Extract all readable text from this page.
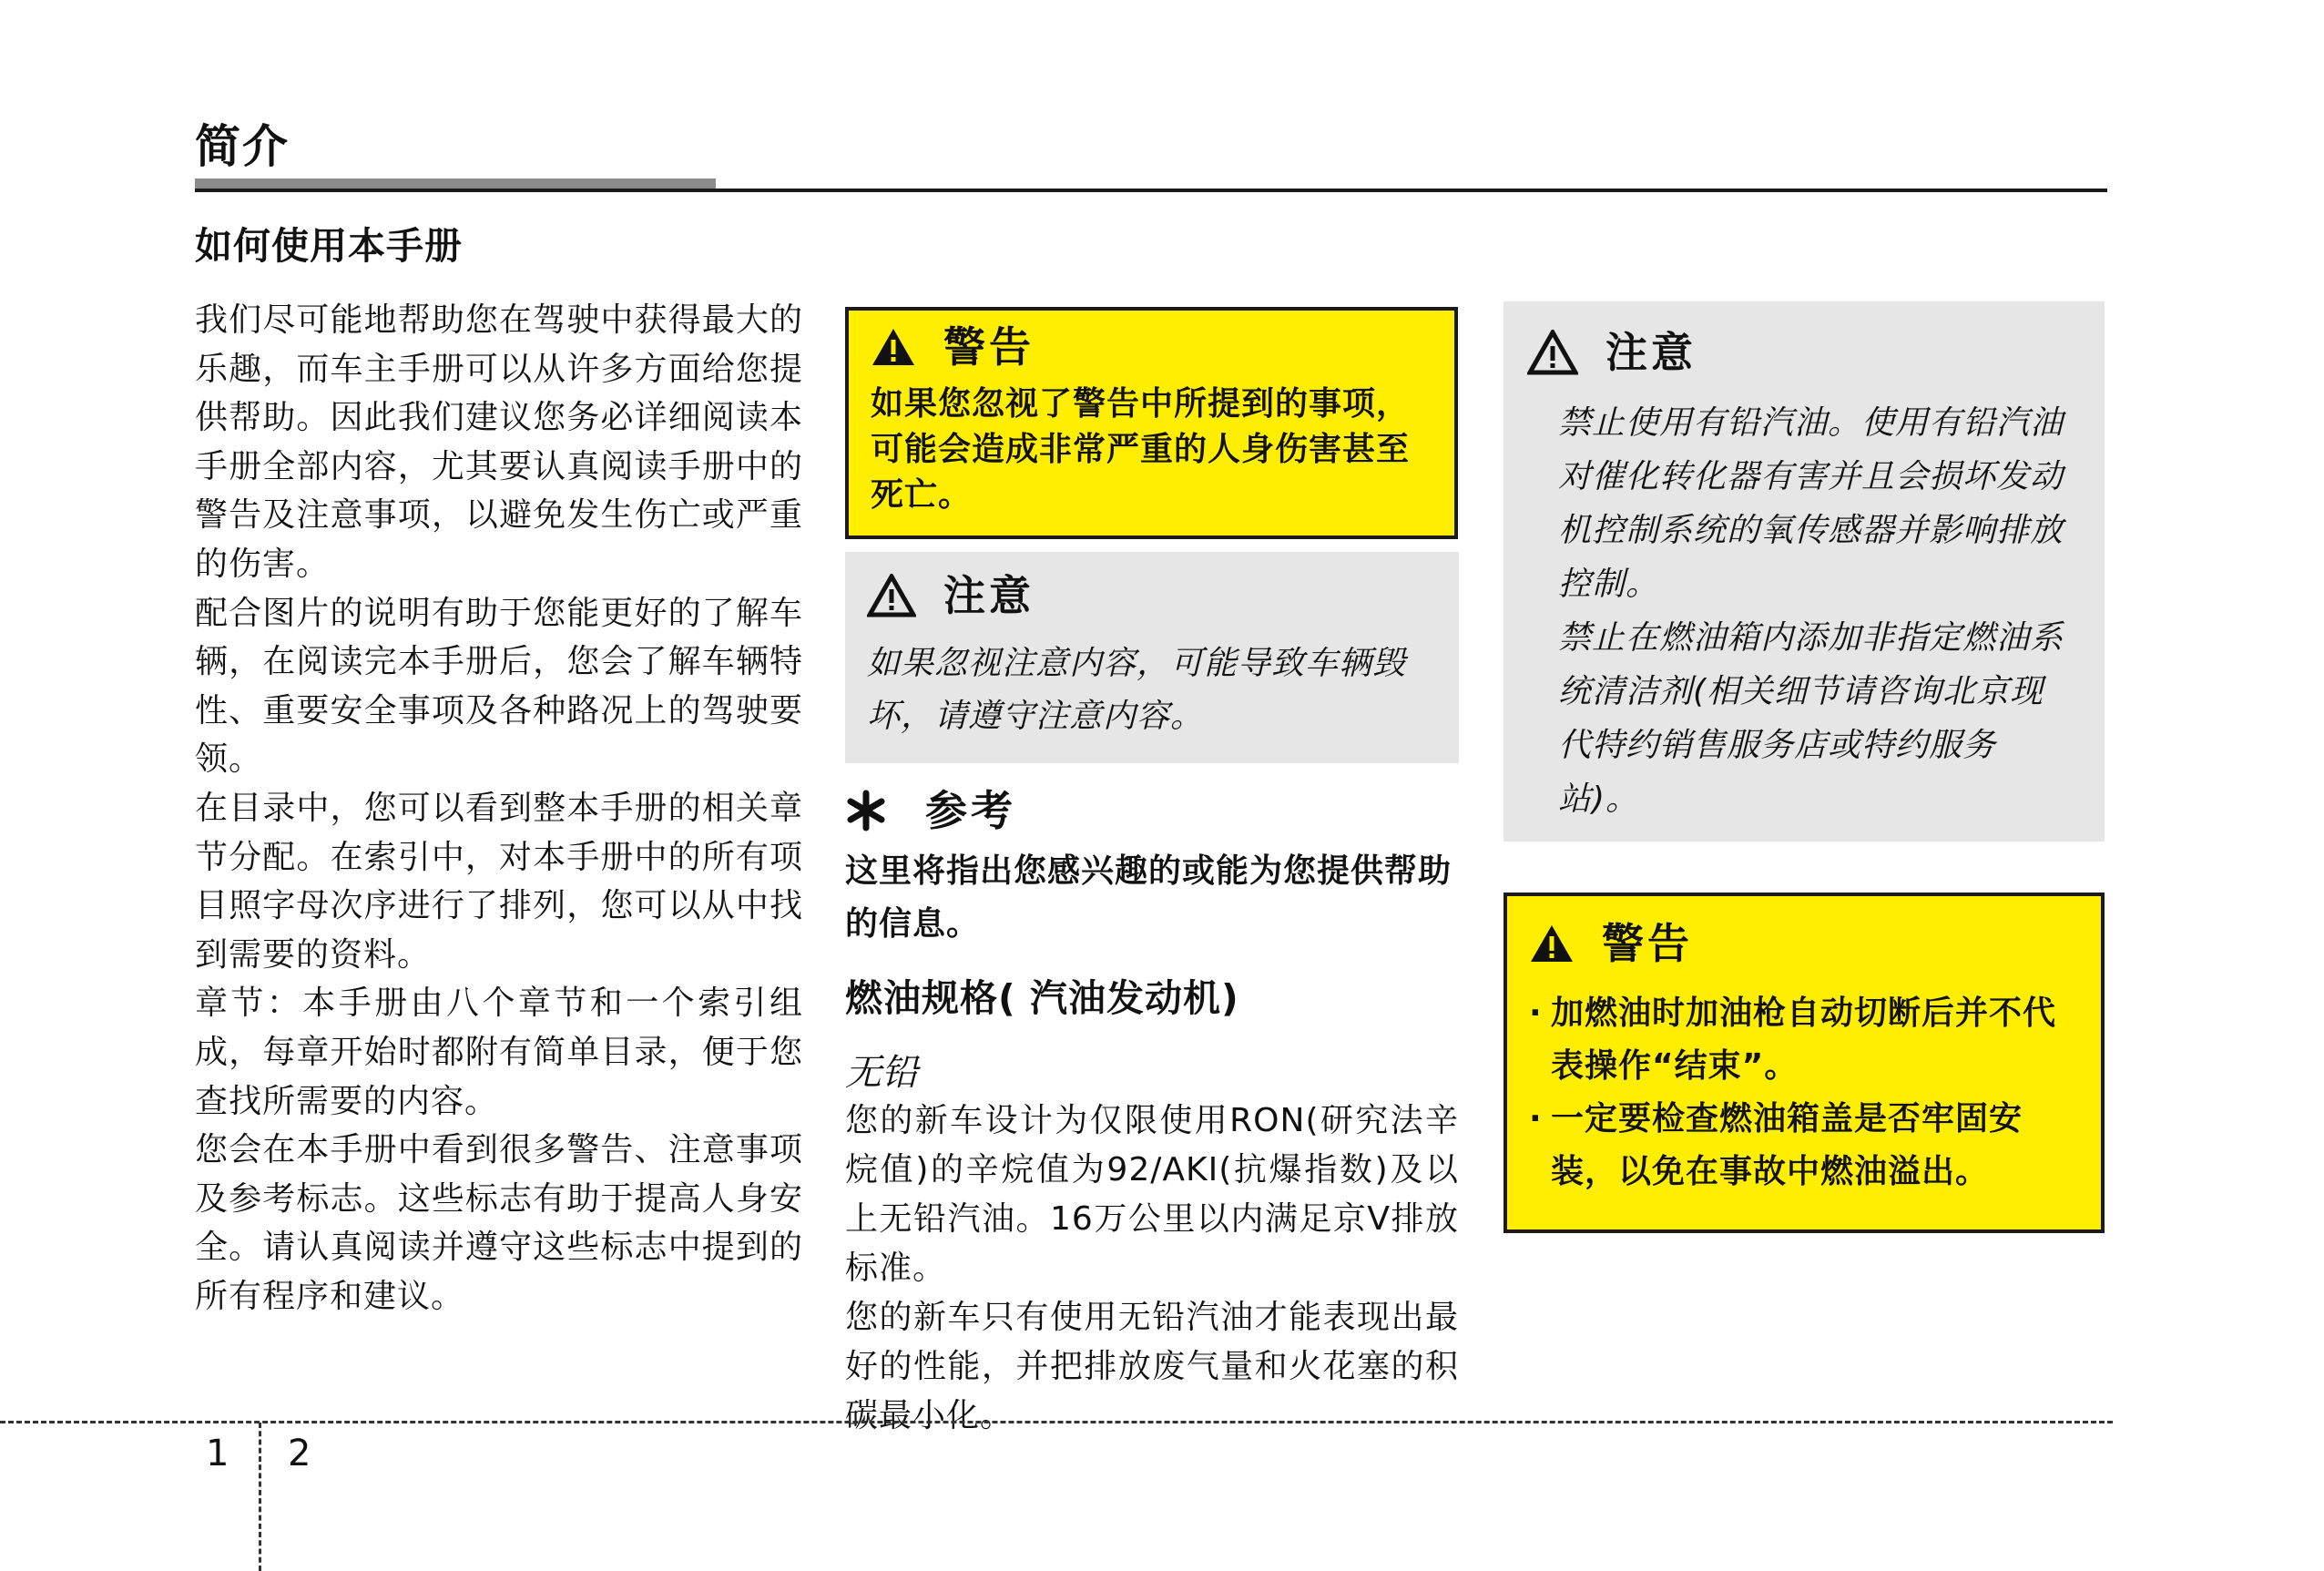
简介
如何使用本手册

我们尽可能地帮助您在驾驶中获得最大的乐趣，而车主手册可以从许多方面给您提供帮助。因此我们建议您务必详细阅读本手册全部内容，尤其要认真阅读手册中的警告及注意事项，以避免发生伤亡或严重的伤害。

配合图片的说明有助于您能更好的了解车辆，在阅读完本手册后，您会了解车辆特性、重要安全事项及各种路况上的驾驶要领。

在目录中，您可以看到整本手册的相关章节分配。在索引中，对本手册中的所有项目照字母次序进行了排列，您可以从中找到需要的资料。

章节：本手册由八个章节和一个索引组成，每章开始时都附有简单目录，便于您查找所需要的内容。

您会在本手册中看到很多警告、注意事项及参考标志。这些标志有助于提高人身安全。请认真阅读并遵守这些标志中提到的所有程序和建议。

警告

如果您忽视了警告中所提到的事项，可能会造成非常严重的人身伤害甚至死亡。

注意

如果忽视注意内容，可能导致车辆毁坏，请遵守注意内容。

参考

这里将指出您感兴趣的或能为您提供帮助的信息。

燃油规格( 汽油发动机)
无铅

您的新车设计为仅限使用RON(研究法辛烷值)的辛烷值为92/AKI(抗爆指数)及以上无铅汽油。16万公里以内满足京V排放标准。

您的新车只有使用无铅汽油才能表现出最好的性能，并把排放废气量和火花塞的积碳最小化。

注意

禁止使用有铅汽油。使用有铅汽油对催化转化器有害并且会损坏发动机控制系统的氧传感器并影响排放控制。

禁止在燃油箱内添加非指定燃油系统清洁剂(相关细节请咨询北京现代特约销售服务店或特约服务站)。

警告
· 加燃油时加油枪自动切断后并不代表操作“结束”。
· 一定要检查燃油箱盖是否牢固安装，以免在事故中燃油溢出。
1 2
